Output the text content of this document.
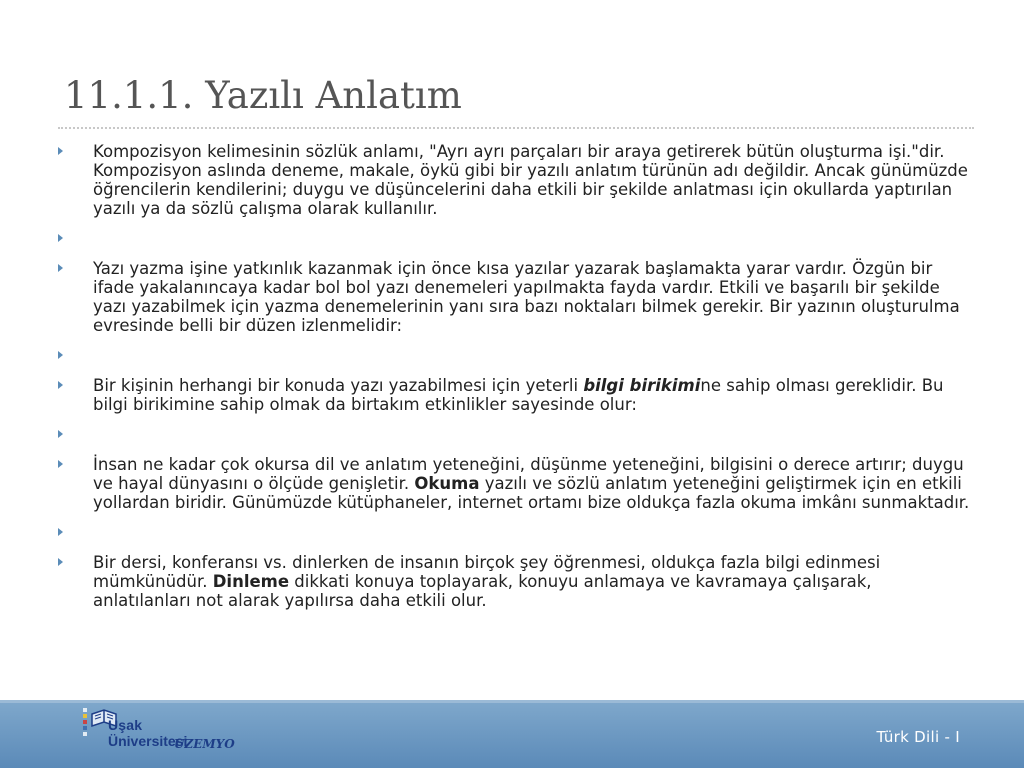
11.1.1. Yazılı Anlatım
Kompozisyon kelimesinin sözlük anlamı, "Ayrı ayrı parçaları bir araya getirerek bütün oluşturma işi."dir. Kompozisyon aslında deneme, makale, öykü gibi bir yazılı anlatım türünün adı değildir. Ancak günümüzde öğrencilerin kendilerini; duygu ve düşüncelerini daha etkili bir şekilde anlatması için okullarda yaptırılan yazılı ya da sözlü çalışma olarak kullanılır.
Yazı yazma işine yatkınlık kazanmak için önce kısa yazılar yazarak başlamakta yarar vardır. Özgün bir ifade yakalanıncaya kadar bol bol yazı denemeleri yapılmakta fayda vardır. Etkili ve başarılı bir şekilde yazı yazabilmek için yazma denemelerinin yanı sıra bazı noktaları bilmek gerekir. Bir yazının oluşturulma evresinde belli bir düzen izlenmelidir:
Bir kişinin herhangi bir konuda yazı yazabilmesi için yeterli bilgi birikimine sahip olması gereklidir. Bu bilgi birikimine sahip olmak da birtakım etkinlikler sayesinde olur:
İnsan ne kadar çok okursa dil ve anlatım yeteneğini, düşünme yeteneğini, bilgisini o derece artırır; duygu ve hayal dünyasını o ölçüde genişletir. Okuma yazılı ve sözlü anlatım yeteneğini geliştirmek için en etkili yollardan biridir. Günümüzde kütüphaneler, internet ortamı bize oldukça fazla okuma imkânı sunmaktadır.
Bir dersi, konferansı vs. dinlerken de insanın birçok şey öğrenmesi, oldukça fazla bilgi edinmesi mümkünüdür. Dinleme dikkati konuya toplayarak, konuyu anlamaya ve kavramaya çalışarak, anlatılanları not alarak yapılırsa daha etkili olur.
Uşak
Üniversitesi
UZEMYO	Türk Dili - I
